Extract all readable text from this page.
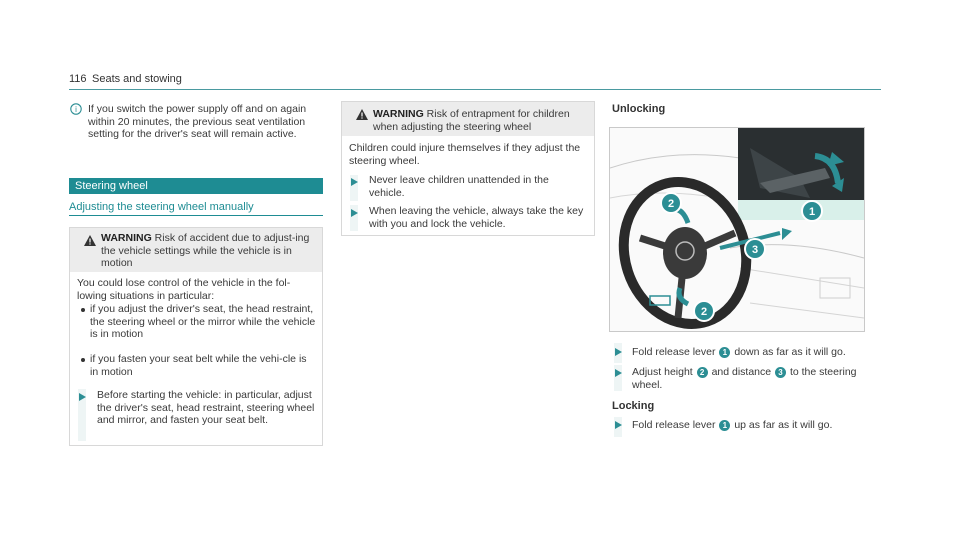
116 Seats and stowing
i If you switch the power supply off and on again within 20 minutes, the previous seat ventilation setting for the driver's seat will remain active.
Steering wheel
Adjusting the steering wheel manually
WARNING Risk of accident due to adjust-ing the vehicle settings while the vehicle is in motion
You could lose control of the vehicle in the fol-lowing situations in particular:
if you adjust the driver's seat, the head restraint, the steering wheel or the mirror while the vehicle is in motion
if you fasten your seat belt while the vehi-cle is in motion
Before starting the vehicle: in particular, adjust the driver's seat, head restraint, steering wheel and mirror, and fasten your seat belt.
WARNING Risk of entrapment for children when adjusting the steering wheel
Children could injure themselves if they adjust the steering wheel.
Never leave children unattended in the vehicle.
When leaving the vehicle, always take the key with you and lock the vehicle.
Unlocking
1
2
3
2
Fold release lever 1 down as far as it will go.
Adjust height 2 and distance 3 to the steering wheel.
Locking
Fold release lever 1 up as far as it will go.
